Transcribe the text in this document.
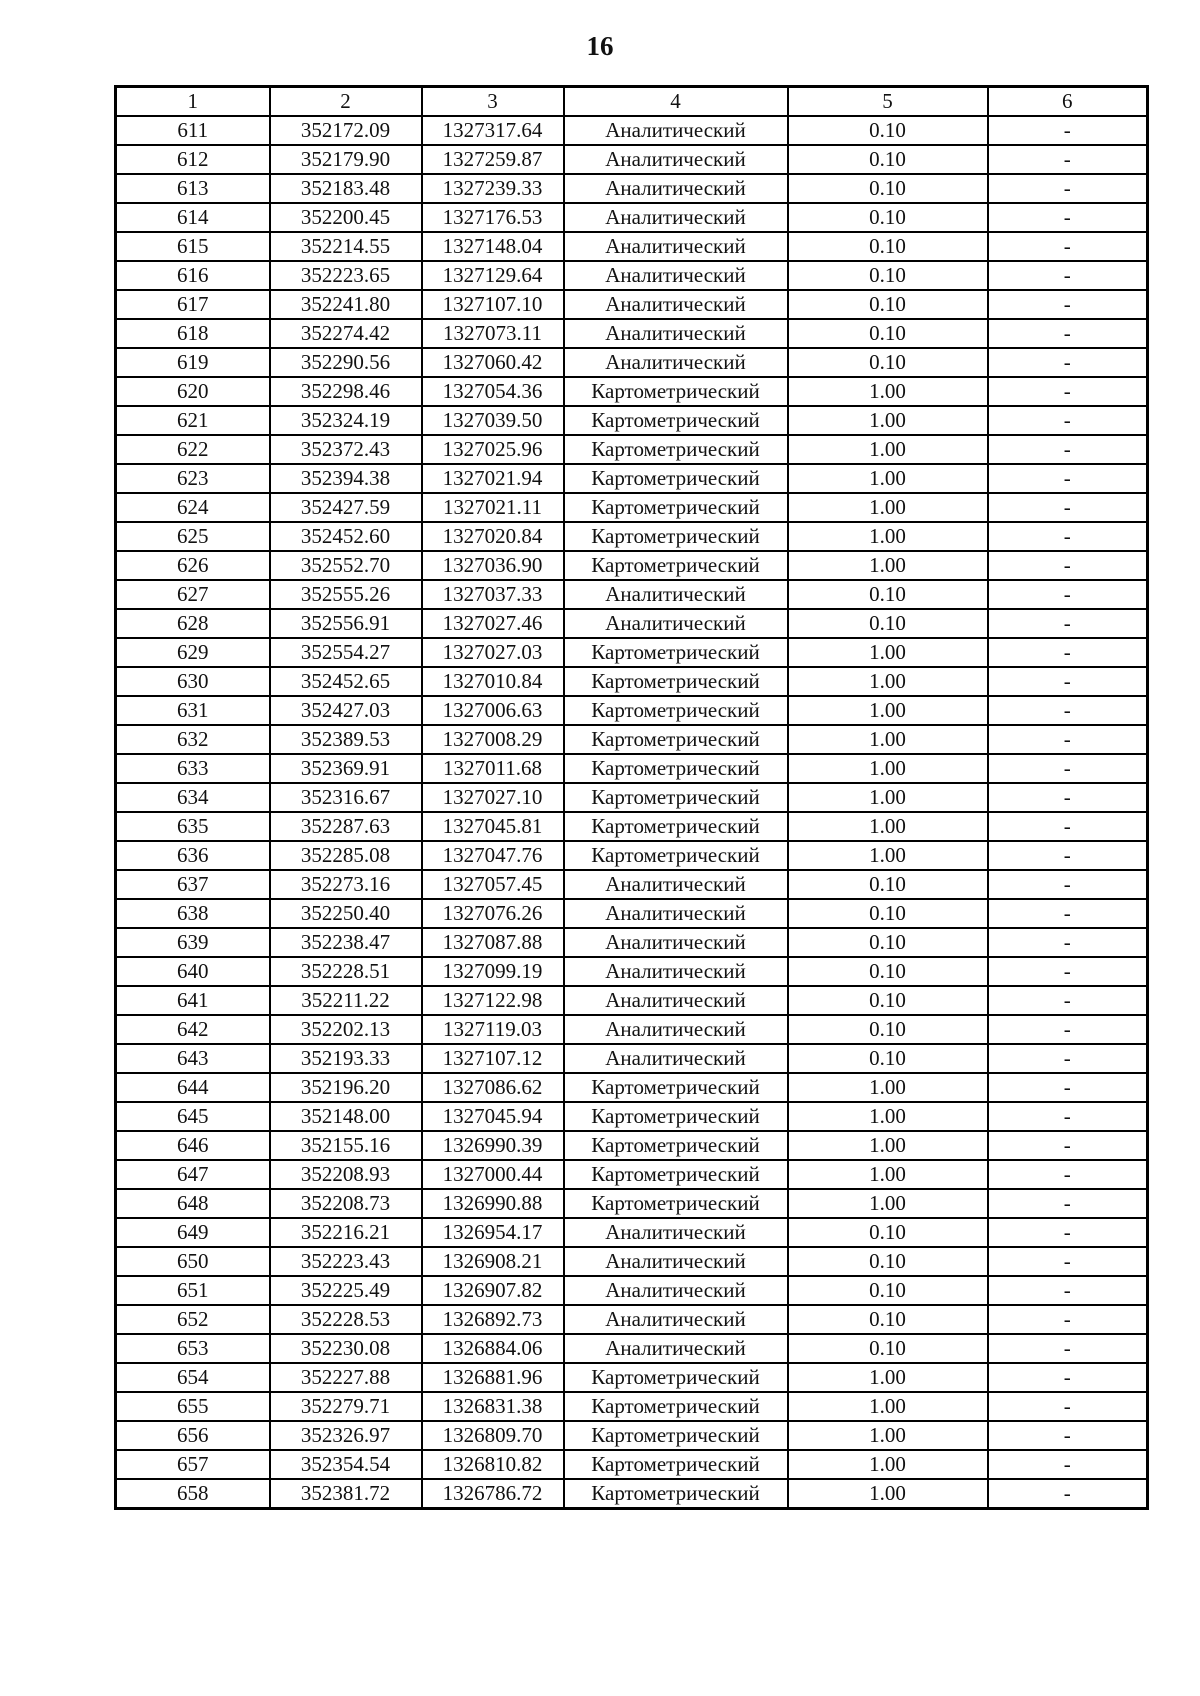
16
1	2	3	4	5	6
611	352172.09	1327317.64	Аналитический	0.10	-
612	352179.90	1327259.87	Аналитический	0.10	-
613	352183.48	1327239.33	Аналитический	0.10	-
614	352200.45	1327176.53	Аналитический	0.10	-
615	352214.55	1327148.04	Аналитический	0.10	-
616	352223.65	1327129.64	Аналитический	0.10	-
617	352241.80	1327107.10	Аналитический	0.10	-
618	352274.42	1327073.11	Аналитический	0.10	-
619	352290.56	1327060.42	Аналитический	0.10	-
620	352298.46	1327054.36	Картометрический	1.00	-
621	352324.19	1327039.50	Картометрический	1.00	-
622	352372.43	1327025.96	Картометрический	1.00	-
623	352394.38	1327021.94	Картометрический	1.00	-
624	352427.59	1327021.11	Картометрический	1.00	-
625	352452.60	1327020.84	Картометрический	1.00	-
626	352552.70	1327036.90	Картометрический	1.00	-
627	352555.26	1327037.33	Аналитический	0.10	-
628	352556.91	1327027.46	Аналитический	0.10	-
629	352554.27	1327027.03	Картометрический	1.00	-
630	352452.65	1327010.84	Картометрический	1.00	-
631	352427.03	1327006.63	Картометрический	1.00	-
632	352389.53	1327008.29	Картометрический	1.00	-
633	352369.91	1327011.68	Картометрический	1.00	-
634	352316.67	1327027.10	Картометрический	1.00	-
635	352287.63	1327045.81	Картометрический	1.00	-
636	352285.08	1327047.76	Картометрический	1.00	-
637	352273.16	1327057.45	Аналитический	0.10	-
638	352250.40	1327076.26	Аналитический	0.10	-
639	352238.47	1327087.88	Аналитический	0.10	-
640	352228.51	1327099.19	Аналитический	0.10	-
641	352211.22	1327122.98	Аналитический	0.10	-
642	352202.13	1327119.03	Аналитический	0.10	-
643	352193.33	1327107.12	Аналитический	0.10	-
644	352196.20	1327086.62	Картометрический	1.00	-
645	352148.00	1327045.94	Картометрический	1.00	-
646	352155.16	1326990.39	Картометрический	1.00	-
647	352208.93	1327000.44	Картометрический	1.00	-
648	352208.73	1326990.88	Картометрический	1.00	-
649	352216.21	1326954.17	Аналитический	0.10	-
650	352223.43	1326908.21	Аналитический	0.10	-
651	352225.49	1326907.82	Аналитический	0.10	-
652	352228.53	1326892.73	Аналитический	0.10	-
653	352230.08	1326884.06	Аналитический	0.10	-
654	352227.88	1326881.96	Картометрический	1.00	-
655	352279.71	1326831.38	Картометрический	1.00	-
656	352326.97	1326809.70	Картометрический	1.00	-
657	352354.54	1326810.82	Картометрический	1.00	-
658	352381.72	1326786.72	Картометрический	1.00	-
